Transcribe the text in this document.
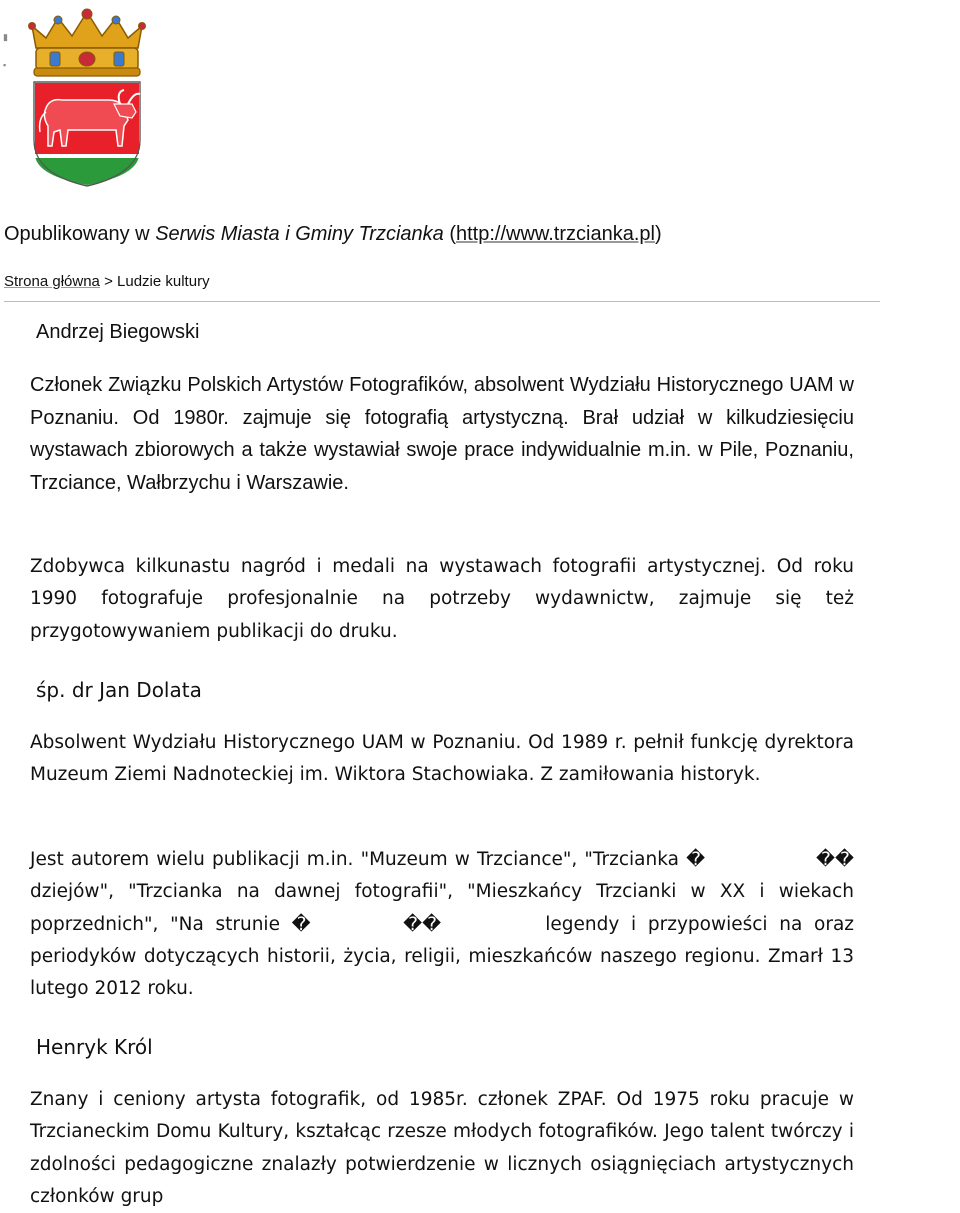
▮
▪
Opublikowany w Serwis Miasta i Gminy Trzcianka (http://www.trzcianka.pl)
Strona główna > Ludzie kultury
Andrzej Biegowski

Członek Związku Polskich Artystów Fotografików, absolwent Wydziału Historycznego UAM w Poznaniu. Od 1980r. zajmuje się fotografią artystyczną. Brał udział w kilkudziesięciu wystawach zbiorowych a także wystawiał swoje prace indywidualnie m.in. w Pile, Poznaniu, Trzciance, Wałbrzychu i Warszawie.

Zdobywca kilkunastu nagród i medali na wystawach fotografii artystycznej. Od roku 1990 fotografuje profesjonalnie na potrzeby wydawnictw, zajmuje się też przygotowywaniem publikacji do druku.

śp. dr Jan Dolata

Absolwent Wydziału Historycznego UAM w Poznaniu. Od 1989 r. pełnił funkcję dyrektora Muzeum Ziemi Nadnoteckiej im. Wiktora Stachowiaka. Z zamiłowania historyk.

Jest autorem wielu publikacji m.in. "Muzeum w Trzciance", "Trzcianka �      �� dziejów", "Trzcianka na dawnej fotografii", "Mieszkańcy Trzcianki w XX i wiekach poprzednich", "Na strunie �     ��      legendy i przypowieści na oraz periodyków dotyczących historii, życia, religii, mieszkańców naszego regionu. Zmarł 13 lutego 2012 roku.

Henryk Król

Znany i ceniony artysta fotografik, od 1985r. członek ZPAF. Od 1975 roku pracuje w Trzcianeckim Domu Kultury, kształcąc rzesze młodych fotografików. Jego talent twórczy i zdolności pedagogiczne znalazły potwierdzenie w licznych osiągnięciach artystycznych członków grup
